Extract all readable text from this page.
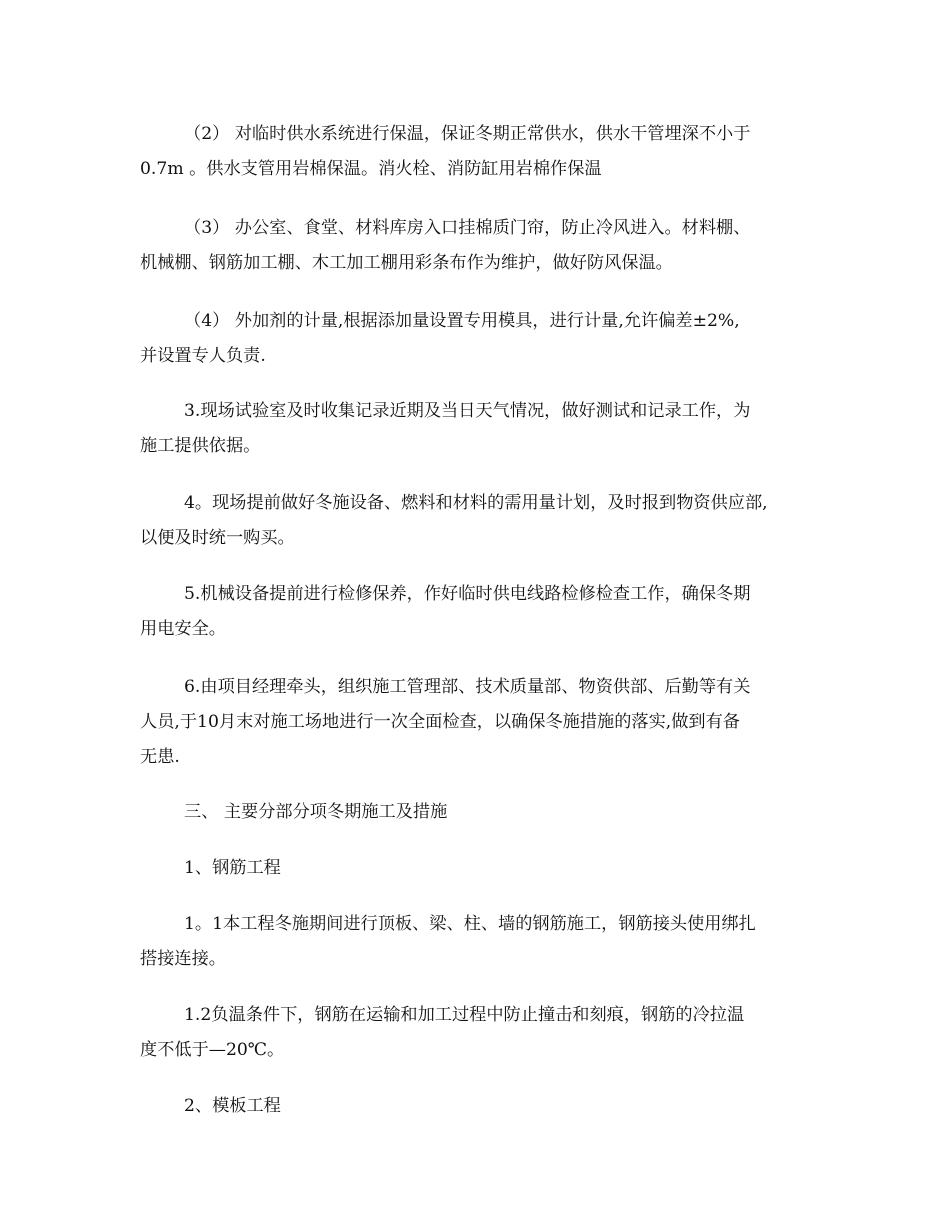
（2） 对临时供水系统进行保温，保证冬期正常供水，供水干管埋深不小于
0.7m 。供水支管用岩棉保温。消火栓、消防缸用岩棉作保温

（3） 办公室、食堂、材料库房入口挂棉质门帘，防止冷风进入。材料棚、
机械棚、钢筋加工棚、木工加工棚用彩条布作为维护，做好防风保温。

（4） 外加剂的计量,根据添加量设置专用模具，进行计量,允许偏差±2%,
并设置专人负责.

3.现场试验室及时收集记录近期及当日天气情况，做好测试和记录工作，为
施工提供依据。

4。现场提前做好冬施设备、燃料和材料的需用量计划，及时报到物资供应部,
以便及时统一购买。

5.机械设备提前进行检修保养，作好临时供电线路检修检查工作，确保冬期
用电安全。

6.由项目经理牵头，组织施工管理部、技术质量部、物资供部、后勤等有关
人员,于10月末对施工场地进行一次全面检查，以确保冬施措施的落实,做到有备
无患.

三、 主要分部分项冬期施工及措施

1、钢筋工程

1。1本工程冬施期间进行顶板、梁、柱、墙的钢筋施工，钢筋接头使用绑扎
搭接连接。

1.2负温条件下，钢筋在运输和加工过程中防止撞击和刻痕，钢筋的冷拉温
度不低于—20℃。

2、模板工程
